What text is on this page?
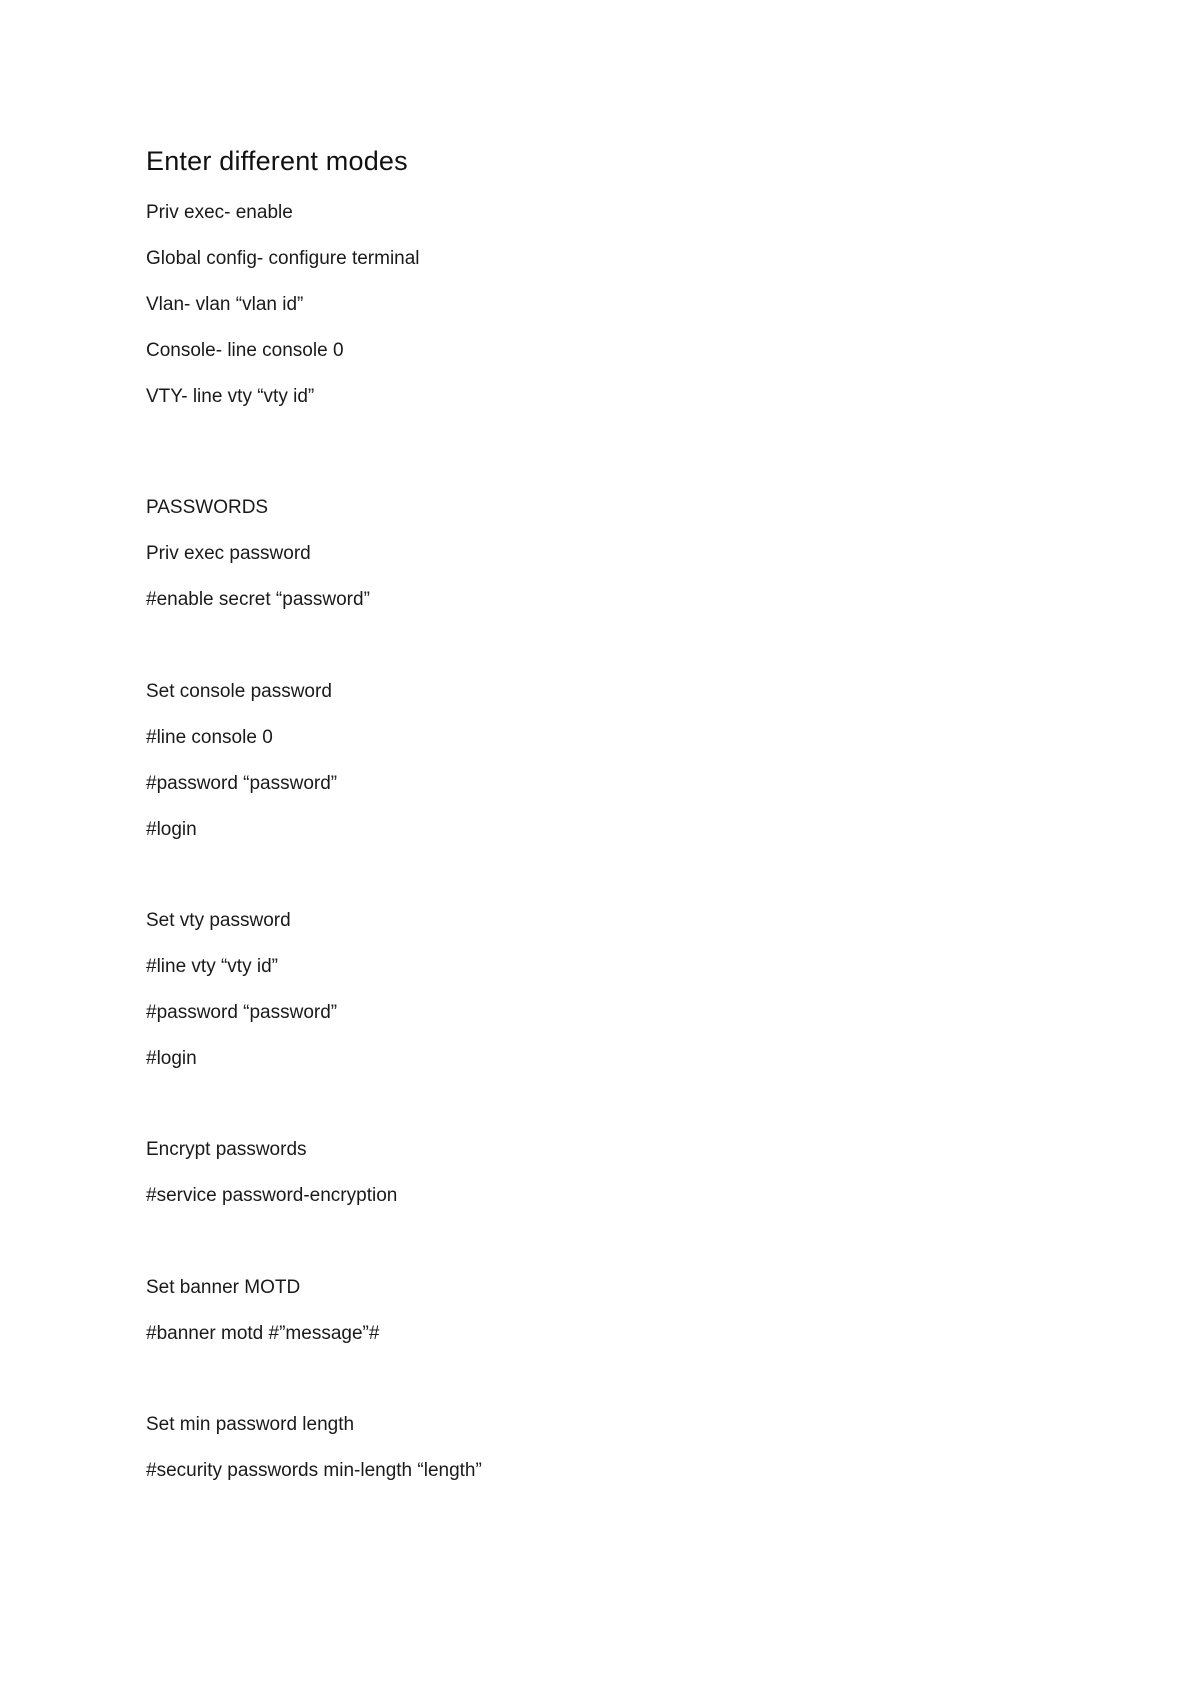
Enter different modes

Priv exec- enable

Global config- configure terminal

Vlan- vlan “vlan id”

Console- line console 0

VTY- line vty “vty id”

PASSWORDS

Priv exec password

#enable secret “password”

Set console password

#line console 0

#password “password”

#login

Set vty password

#line vty “vty id”

#password “password”

#login

Encrypt passwords

#service password-encryption

Set banner MOTD

#banner motd #”message”#

Set min password length

#security passwords min-length “length”
